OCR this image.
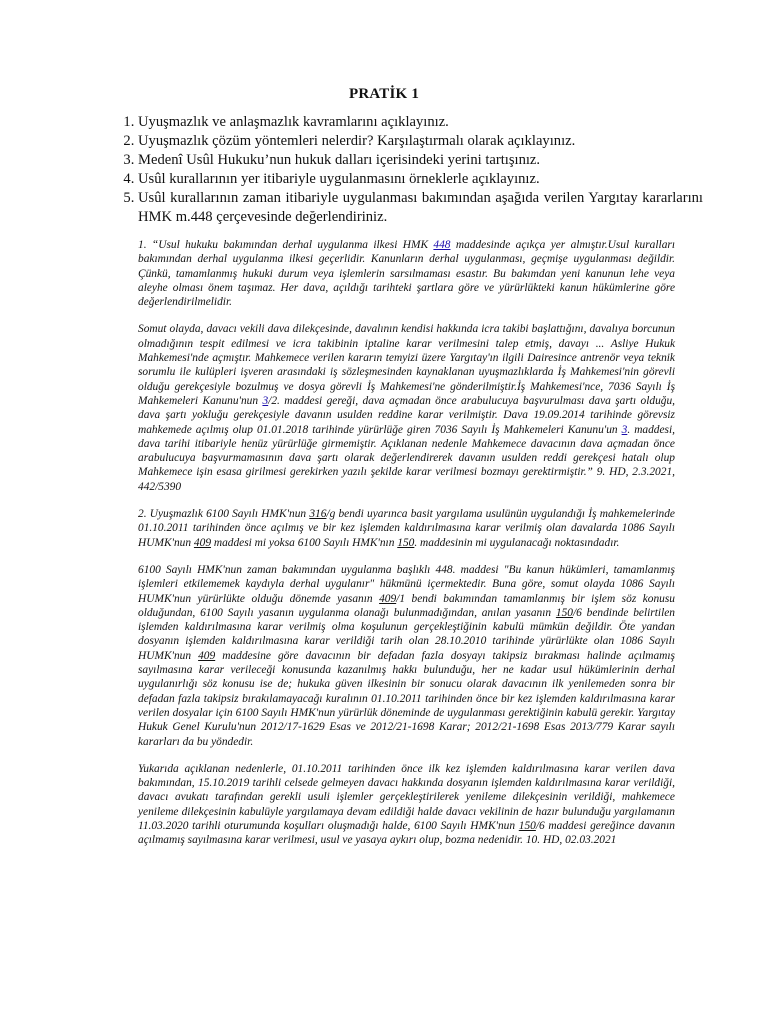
PRATİK 1
1. Uyuşmazlık ve anlaşmazlık kavramlarını açıklayınız.
2. Uyuşmazlık çözüm yöntemleri nelerdir? Karşılaştırmalı olarak açıklayınız.
3. Medenî Usûl Hukuku’nun hukuk dalları içerisindeki yerini tartışınız.
4. Usûl kurallarının yer itibariyle uygulanmasını örneklerle açıklayınız.
5. Usûl kurallarının zaman itibariyle uygulanması bakımından aşağıda verilen Yargıtay kararlarını HMK m.448 çerçevesinde değerlendiriniz.

1. “Usul hukuku bakımından derhal uygulanma ilkesi HMK 448 maddesinde açıkça yer almıştır.Usul kuralları bakımından derhal uygulanma ilkesi geçerlidir. Kanunların derhal uygulanması, geçmişe uygulanması değildir. Çünkü, tamamlanmış hukuki durum veya işlemlerin sarsılmaması esastır. Bu bakımdan yeni kanunun lehe veya aleyhe olması önem taşımaz. Her dava, açıldığı tarihteki şartlara göre ve yürürlükteki kanun hükümlerine göre değerlendirilmelidir.

Somut olayda, davacı vekili dava dilekçesinde, davalının kendisi hakkında icra takibi başlattığını, davalıya borcunun olmadığının tespit edilmesi ve icra takibinin iptaline karar verilmesini talep etmiş, davayı ... Asliye Hukuk Mahkemesi'nde açmıştır. Mahkemece verilen kararın temyizi üzere Yargıtay'ın ilgili Dairesince antrenör veya teknik sorumlu ile kulüpleri işveren arasındaki iş sözleşmesinden kaynaklanan uyuşmazlıklarda İş Mahkemesi'nin görevli olduğu gerekçesiyle bozulmuş ve dosya görevli İş Mahkemesi'ne gönderilmiştir.İş Mahkemesi'nce, 7036 Sayılı İş Mahkemeleri Kanunu'nun 3/2. maddesi gereği, dava açmadan önce arabulucuya başvurulması dava şartı olduğu, dava şartı yokluğu gerekçesiyle davanın usulden reddine karar verilmiştir. Dava 19.09.2014 tarihinde görevsiz mahkemede açılmış olup 01.01.2018 tarihinde yürürlüğe giren 7036 Sayılı İş Mahkemeleri Kanunu'un 3. maddesi, dava tarihi itibariyle henüz yürürlüğe girmemiştir. Açıklanan nedenle Mahkemece davacının dava açmadan önce arabulucuya başvurmamasının dava şartı olarak değerlendirerek davanın usulden reddi gerekçesi hatalı olup Mahkemece işin esasa girilmesi gerekirken yazılı şekilde karar verilmesi bozmayı gerektirmiştir.” 9. HD, 2.3.2021, 442/5390

2. Uyuşmazlık 6100 Sayılı HMK'nun 316/g bendi uyarınca basit yargılama usulünün uygulandığı İş mahkemelerinde 01.10.2011 tarihinden önce açılmış ve bir kez işlemden kaldırılmasına karar verilmiş olan davalarda 1086 Sayılı HUMK'nun 409 maddesi mi yoksa 6100 Sayılı HMK'nın 150. maddesinin mi uygulanacağı noktasındadır.

6100 Sayılı HMK'nun zaman bakımından uygulanma başlıklı 448. maddesi "Bu kanun hükümleri, tamamlanmış işlemleri etkilememek kaydıyla derhal uygulanır" hükmünü içermektedir. Buna göre, somut olayda 1086 Sayılı HUMK'nun yürürlükte olduğu dönemde yasanın 409/1 bendi bakımından tamamlanmış bir işlem söz konusu olduğundan, 6100 Sayılı yasanın uygulanma olanağı bulunmadığından, anılan yasanın 150/6 bendinde belirtilen işlemden kaldırılmasına karar verilmiş olma koşulunun gerçekleştiğinin kabulü mümkün değildir. Öte yandan dosyanın işlemden kaldırılmasına karar verildiği tarih olan 28.10.2010 tarihinde yürürlükte olan 1086 Sayılı HUMK'nun 409 maddesine göre davacının bir defadan fazla dosyayı takipsiz bırakması halinde açılmamış sayılmasına karar verileceği konusunda kazanılmış hakkı bulunduğu, her ne kadar usul hükümlerinin derhal uygulanırlığı söz konusu ise de; hukuka güven ilkesinin bir sonucu olarak davacının ilk yenilemeden sonra bir defadan fazla takipsiz bırakılamayacağı kuralının 01.10.2011 tarihinden önce bir kez işlemden kaldırılmasına karar verilen dosyalar için 6100 Sayılı HMK'nun yürürlük döneminde de uygulanması gerektiğinin kabulü gerekir. Yargıtay Hukuk Genel Kurulu'nun 2012/17-1629 Esas ve 2012/21-1698 Karar; 2012/21-1698 Esas 2013/779 Karar sayılı kararları da bu yöndedir.

Yukarıda açıklanan nedenlerle, 01.10.2011 tarihinden önce ilk kez işlemden kaldırılmasına karar verilen dava bakımından, 15.10.2019 tarihli celsede gelmeyen davacı hakkında dosyanın işlemden kaldırılmasına karar verildiği, davacı avukatı tarafından gerekli usuli işlemler gerçekleştirilerek yenileme dilekçesinin verildiği, mahkemece yenileme dilekçesinin kabulüyle yargılamaya devam edildiği halde davacı vekilinin de hazır bulunduğu yargılamanın 11.03.2020 tarihli oturumunda koşulları oluşmadığı halde, 6100 Sayılı HMK'nun 150/6 maddesi gereğince davanın açılmamış sayılmasına karar verilmesi, usul ve yasaya aykırı olup, bozma nedenidir. 10. HD, 02.03.2021
